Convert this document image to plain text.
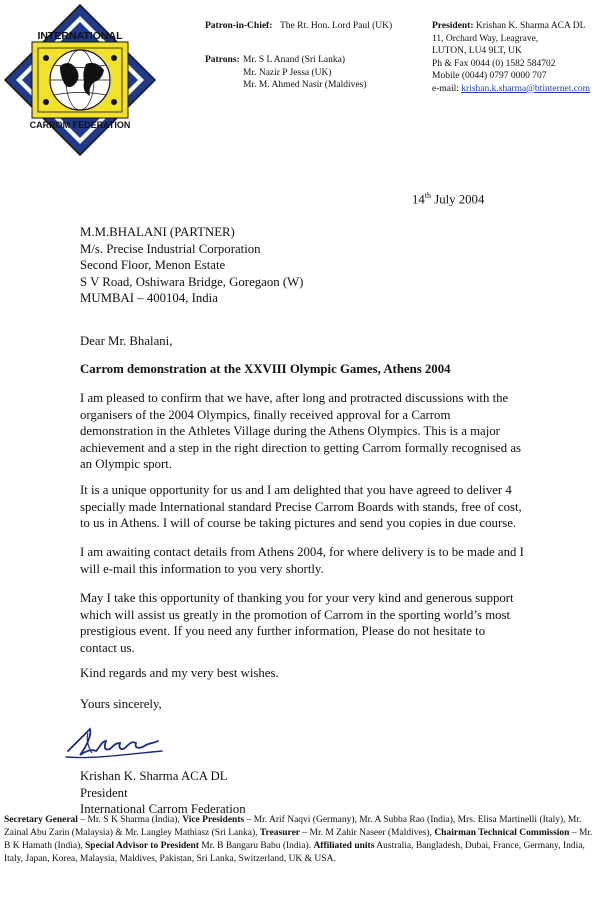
INTERNATIONAL
CARROM FEDERATION
Patron-in-Chief: The Rt. Hon. Lord Paul (UK)
Patrons: Mr. S L Anand (Sri Lanka)
Mr. Nazir P Jessa (UK)
Mr. M. Ahmed Nasir (Maldives)
President: Krishan K. Sharma ACA DL
11, Orchard Way, Leagrave,
LUTON, LU4 9LT, UK
Ph & Fax 0044 (0) 1582 584702
Mobile (0044) 0797 0000 707
e-mail: krishan.k.sharma@btinternet.com
14th July 2004
M.M.BHALANI (PARTNER)
M/s. Precise Industrial Corporation
Second Floor, Menon Estate
S V Road, Oshiwara Bridge, Goregaon (W)
MUMBAI – 400104, India
Dear Mr. Bhalani,
Carrom demonstration at the XXVIII Olympic Games, Athens 2004
I am pleased to confirm that we have, after long and protracted discussions with the organisers of the 2004 Olympics, finally received approval for a Carrom demonstration in the Athletes Village during the Athens Olympics. This is a major achievement and a step in the right direction to getting Carrom formally recognised as an Olympic sport.
It is a unique opportunity for us and I am delighted that you have agreed to deliver 4 specially made International standard Precise Carrom Boards with stands, free of cost, to us in Athens. I will of course be taking pictures and send you copies in due course.
I am awaiting contact details from Athens 2004, for where delivery is to be made and I will e-mail this information to you very shortly.
May I take this opportunity of thanking you for your very kind and generous support which will assist us greatly in the promotion of Carrom in the sporting world’s most prestigious event. If you need any further information, Please do not hesitate to contact us.
Kind regards and my very best wishes.
Yours sincerely,
Krishan K. Sharma ACA DL
President
International Carrom Federation
Secretary General – Mr. S K Sharma (India), Vice Presidents – Mr. Arif Naqvi (Germany), Mr. A Subba Rao (India), Mrs. Elisa Martinelli (Italy), Mr. Zainal Abu Zarin (Malaysia) & Mr. Langley Mathiasz (Sri Lanka), Treasurer – Mr. M Zahir Naseer (Maldives), Chairman Technical Commission – Mr. B K Hamath (India), Special Advisor to President Mr. B Bangaru Babu (India). Affiliated units Australia, Bangladesh, Dubai, France, Germany, India, Italy, Japan, Korea, Malaysia, Maldives, Pakistan, Sri Lanka, Switzerland, UK & USA.
